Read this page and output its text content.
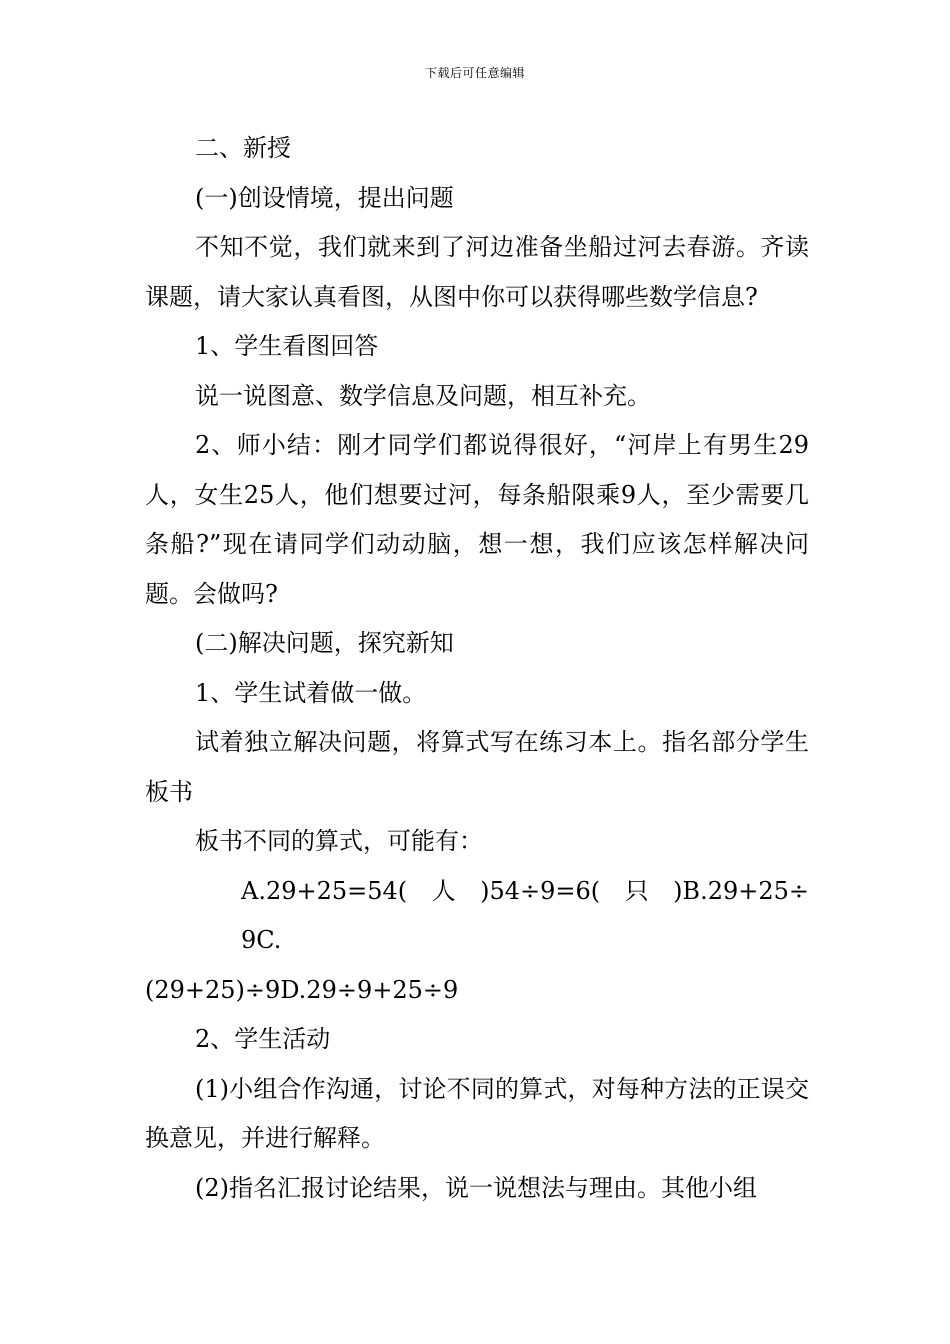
下载后可任意编辑

二、新授

(一)创设情境，提出问题

不知不觉，我们就来到了河边准备坐船过河去春游。齐读课题，请大家认真看图，从图中你可以获得哪些数学信息?

1、学生看图回答

说一说图意、数学信息及问题，相互补充。

2、师小结：刚才同学们都说得很好，“河岸上有男生29人，女生25人，他们想要过河，每条船限乘9人，至少需要几条船?”现在请同学们动动脑，想一想，我们应该怎样解决问题。会做吗?

(二)解决问题，探究新知

1、学生试着做一做。

试着独立解决问题，将算式写在练习本上。指名部分学生板书

板书不同的算式，可能有：

A.29+25=54(　人　)54÷9=6(　只　)B.29+25÷9C.

(29+25)÷9D.29÷9+25÷9

2、学生活动

(1)小组合作沟通，讨论不同的算式，对每种方法的正误交换意见，并进行解释。

(2)指名汇报讨论结果，说一说想法与理由。其他小组
